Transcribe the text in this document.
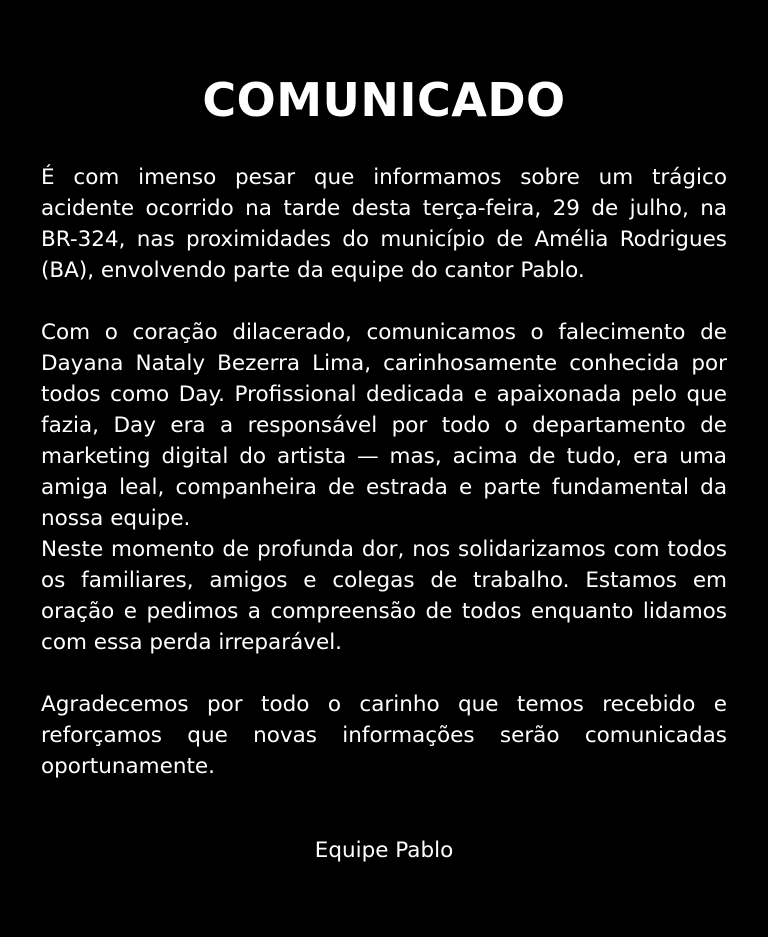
COMUNICADO

É com imenso pesar que informamos sobre um trágico acidente ocorrido na tarde desta terça-feira, 29 de julho, na BR-324, nas proximidades do município de Amélia Rodrigues (BA), envolvendo parte da equipe do cantor Pablo.

Com o coração dilacerado, comunicamos o falecimento de Dayana Nataly Bezerra Lima, carinhosamente conhecida por todos como Day. Profissional dedicada e apaixonada pelo que fazia, Day era a responsável por todo o departamento de marketing digital do artista — mas, acima de tudo, era uma amiga leal, companheira de estrada e parte fundamental da nossa equipe.

Neste momento de profunda dor, nos solidarizamos com todos os familiares, amigos e colegas de trabalho. Estamos em oração e pedimos a compreensão de todos enquanto lidamos com essa perda irreparável.

Agradecemos por todo o carinho que temos recebido e reforçamos que novas informações serão comunicadas oportunamente.

Equipe Pablo
